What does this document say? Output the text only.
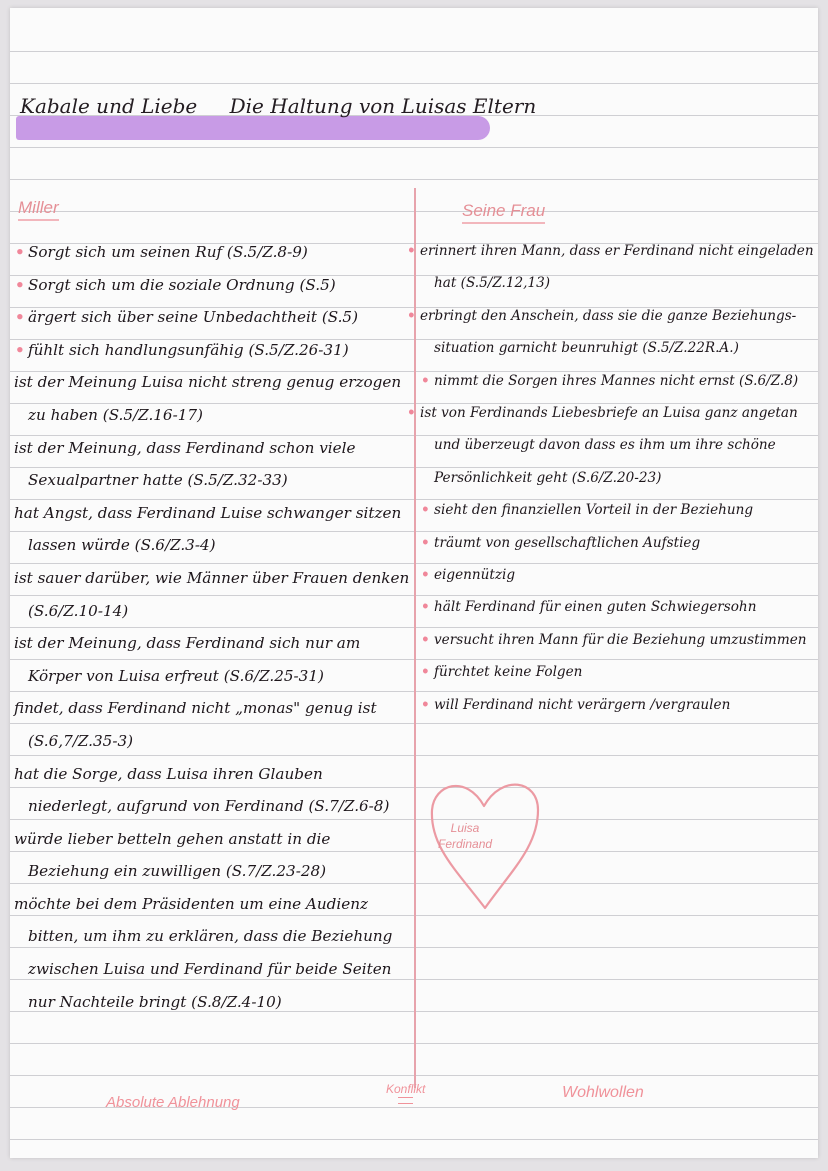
Kabale und Liebe Die Haltung von Luisas Eltern
Miller	Seine Frau
• Sorgt sich um seinen Ruf (S.5/Z.8-9)
• Sorgt sich um die soziale Ordnung (S.5)
• ärgert sich über seine Unbedachtheit (S.5)
• fühlt sich handlungsunfähig (S.5/Z.26-31)
• ist der Meinung Luisa nicht streng genug erzogen zu haben (S.5/Z.16-17)
• ist der Meinung, dass Ferdinand schon viele Sexualpartner hatte (S.5/Z.32-33)
• hat Angst, dass Ferdinand Luise schwanger sitzen lassen würde (S.6/Z.3-4)
• ist sauer darüber, wie Männer über Frauen denken (S.6/Z.10-14)
• ist der Meinung, dass Ferdinand sich nur am Körper von Luisa erfreut (S.6/Z.25-31)
• findet, dass Ferdinand nicht „monas" genug ist (S.6,7/Z.35-3)
• hat die Sorge, dass Luisa ihren Glauben niederlegt, aufgrund von Ferdinand (S.7/Z.6-8)
• würde lieber betteln gehen anstatt in die Beziehung ein zuwilligen (S.7/Z.23-28)
• möchte bei dem Präsidenten um eine Audienz bitten, um ihm zu erklären, dass die Beziehung zwischen Luisa und Ferdinand für beide Seiten nur Nachteile bringt (S.8/Z.4-10)
• erinnert ihren Mann, dass er Ferdinand nicht eingeladen hat (S.5/Z.12,13)
• erbringt den Anschein, dass sie die ganze Beziehungs-situation garnicht beunruhigt (S.5/Z.22R.A.)
• nimmt die Sorgen ihres Mannes nicht ernst (S.6/Z.8)
• ist von Ferdinands Liebesbriefe an Luisa ganz angetan und überzeugt davon dass es ihm um ihre schöne Persönlichkeit geht (S.6/Z.20-23)
• sieht den finanziellen Vorteil in der Beziehung
• träumt von gesellschaftlichen Aufstieg
• eigennützig
• hält Ferdinand für einen guten Schwiegersohn
• versucht ihren Mann für die Beziehung umzustimmen
• fürchtet keine Folgen
• will Ferdinand nicht verärgern /vergraulen
Luisa
Ferdinand
Absolute Ablehnung
Konflikt	Wohlwollen
